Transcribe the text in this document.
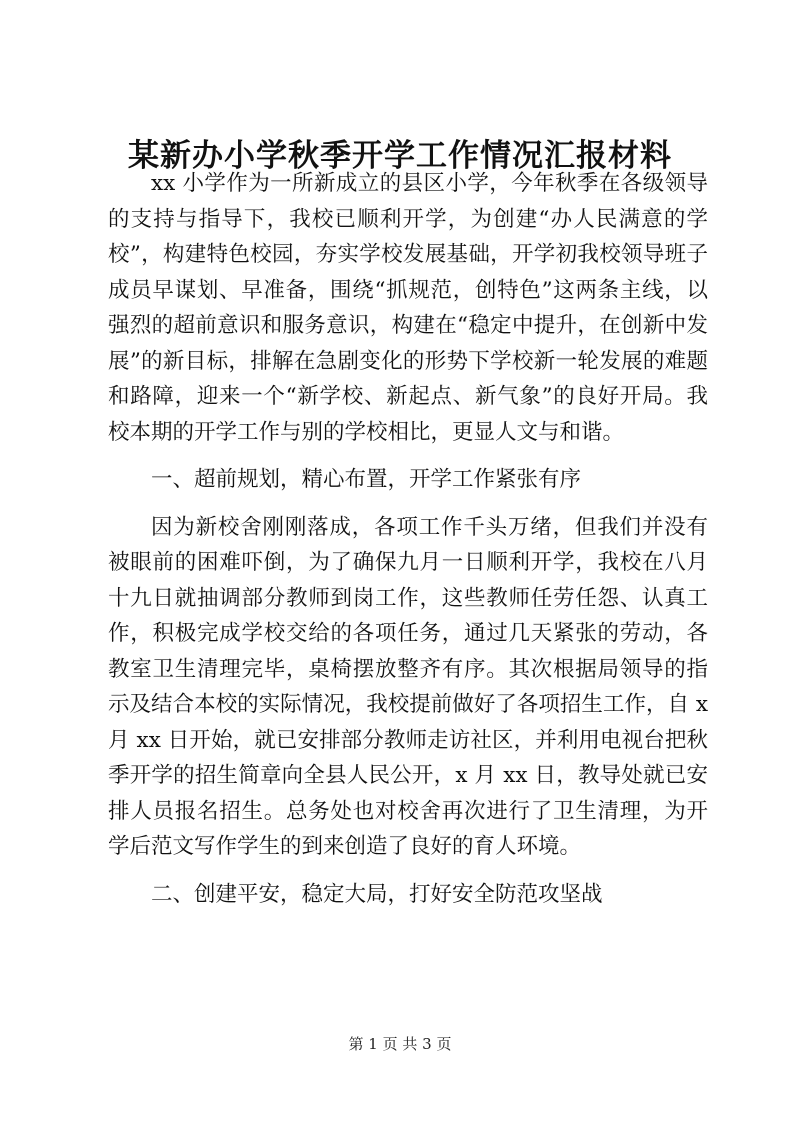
某新办小学秋季开学工作情况汇报材料

xx 小学作为一所新成立的县区小学，今年秋季在各级领导的支持与指导下，我校已顺利开学，为创建“办人民满意的学校”，构建特色校园，夯实学校发展基础，开学初我校领导班子成员早谋划、早准备，围绕“抓规范，创特色”这两条主线，以强烈的超前意识和服务意识，构建在“稳定中提升，在创新中发展”的新目标，排解在急剧变化的形势下学校新一轮发展的难题和路障，迎来一个“新学校、新起点、新气象”的良好开局。我校本期的开学工作与别的学校相比，更显人文与和谐。

一、超前规划，精心布置，开学工作紧张有序

因为新校舍刚刚落成，各项工作千头万绪，但我们并没有被眼前的困难吓倒，为了确保九月一日顺利开学，我校在八月十九日就抽调部分教师到岗工作，这些教师任劳任怨、认真工作，积极完成学校交给的各项任务，通过几天紧张的劳动，各教室卫生清理完毕，桌椅摆放整齐有序。其次根据局领导的指示及结合本校的实际情况，我校提前做好了各项招生工作，自 x 月 xx 日开始，就已安排部分教师走访社区，并利用电视台把秋季开学的招生简章向全县人民公开，x 月 xx 日，教导处就已安排人员报名招生。总务处也对校舍再次进行了卫生清理，为开学后范文写作学生的到来创造了良好的育人环境。

二、创建平安，稳定大局，打好安全防范攻坚战

第 1 页 共 3 页
